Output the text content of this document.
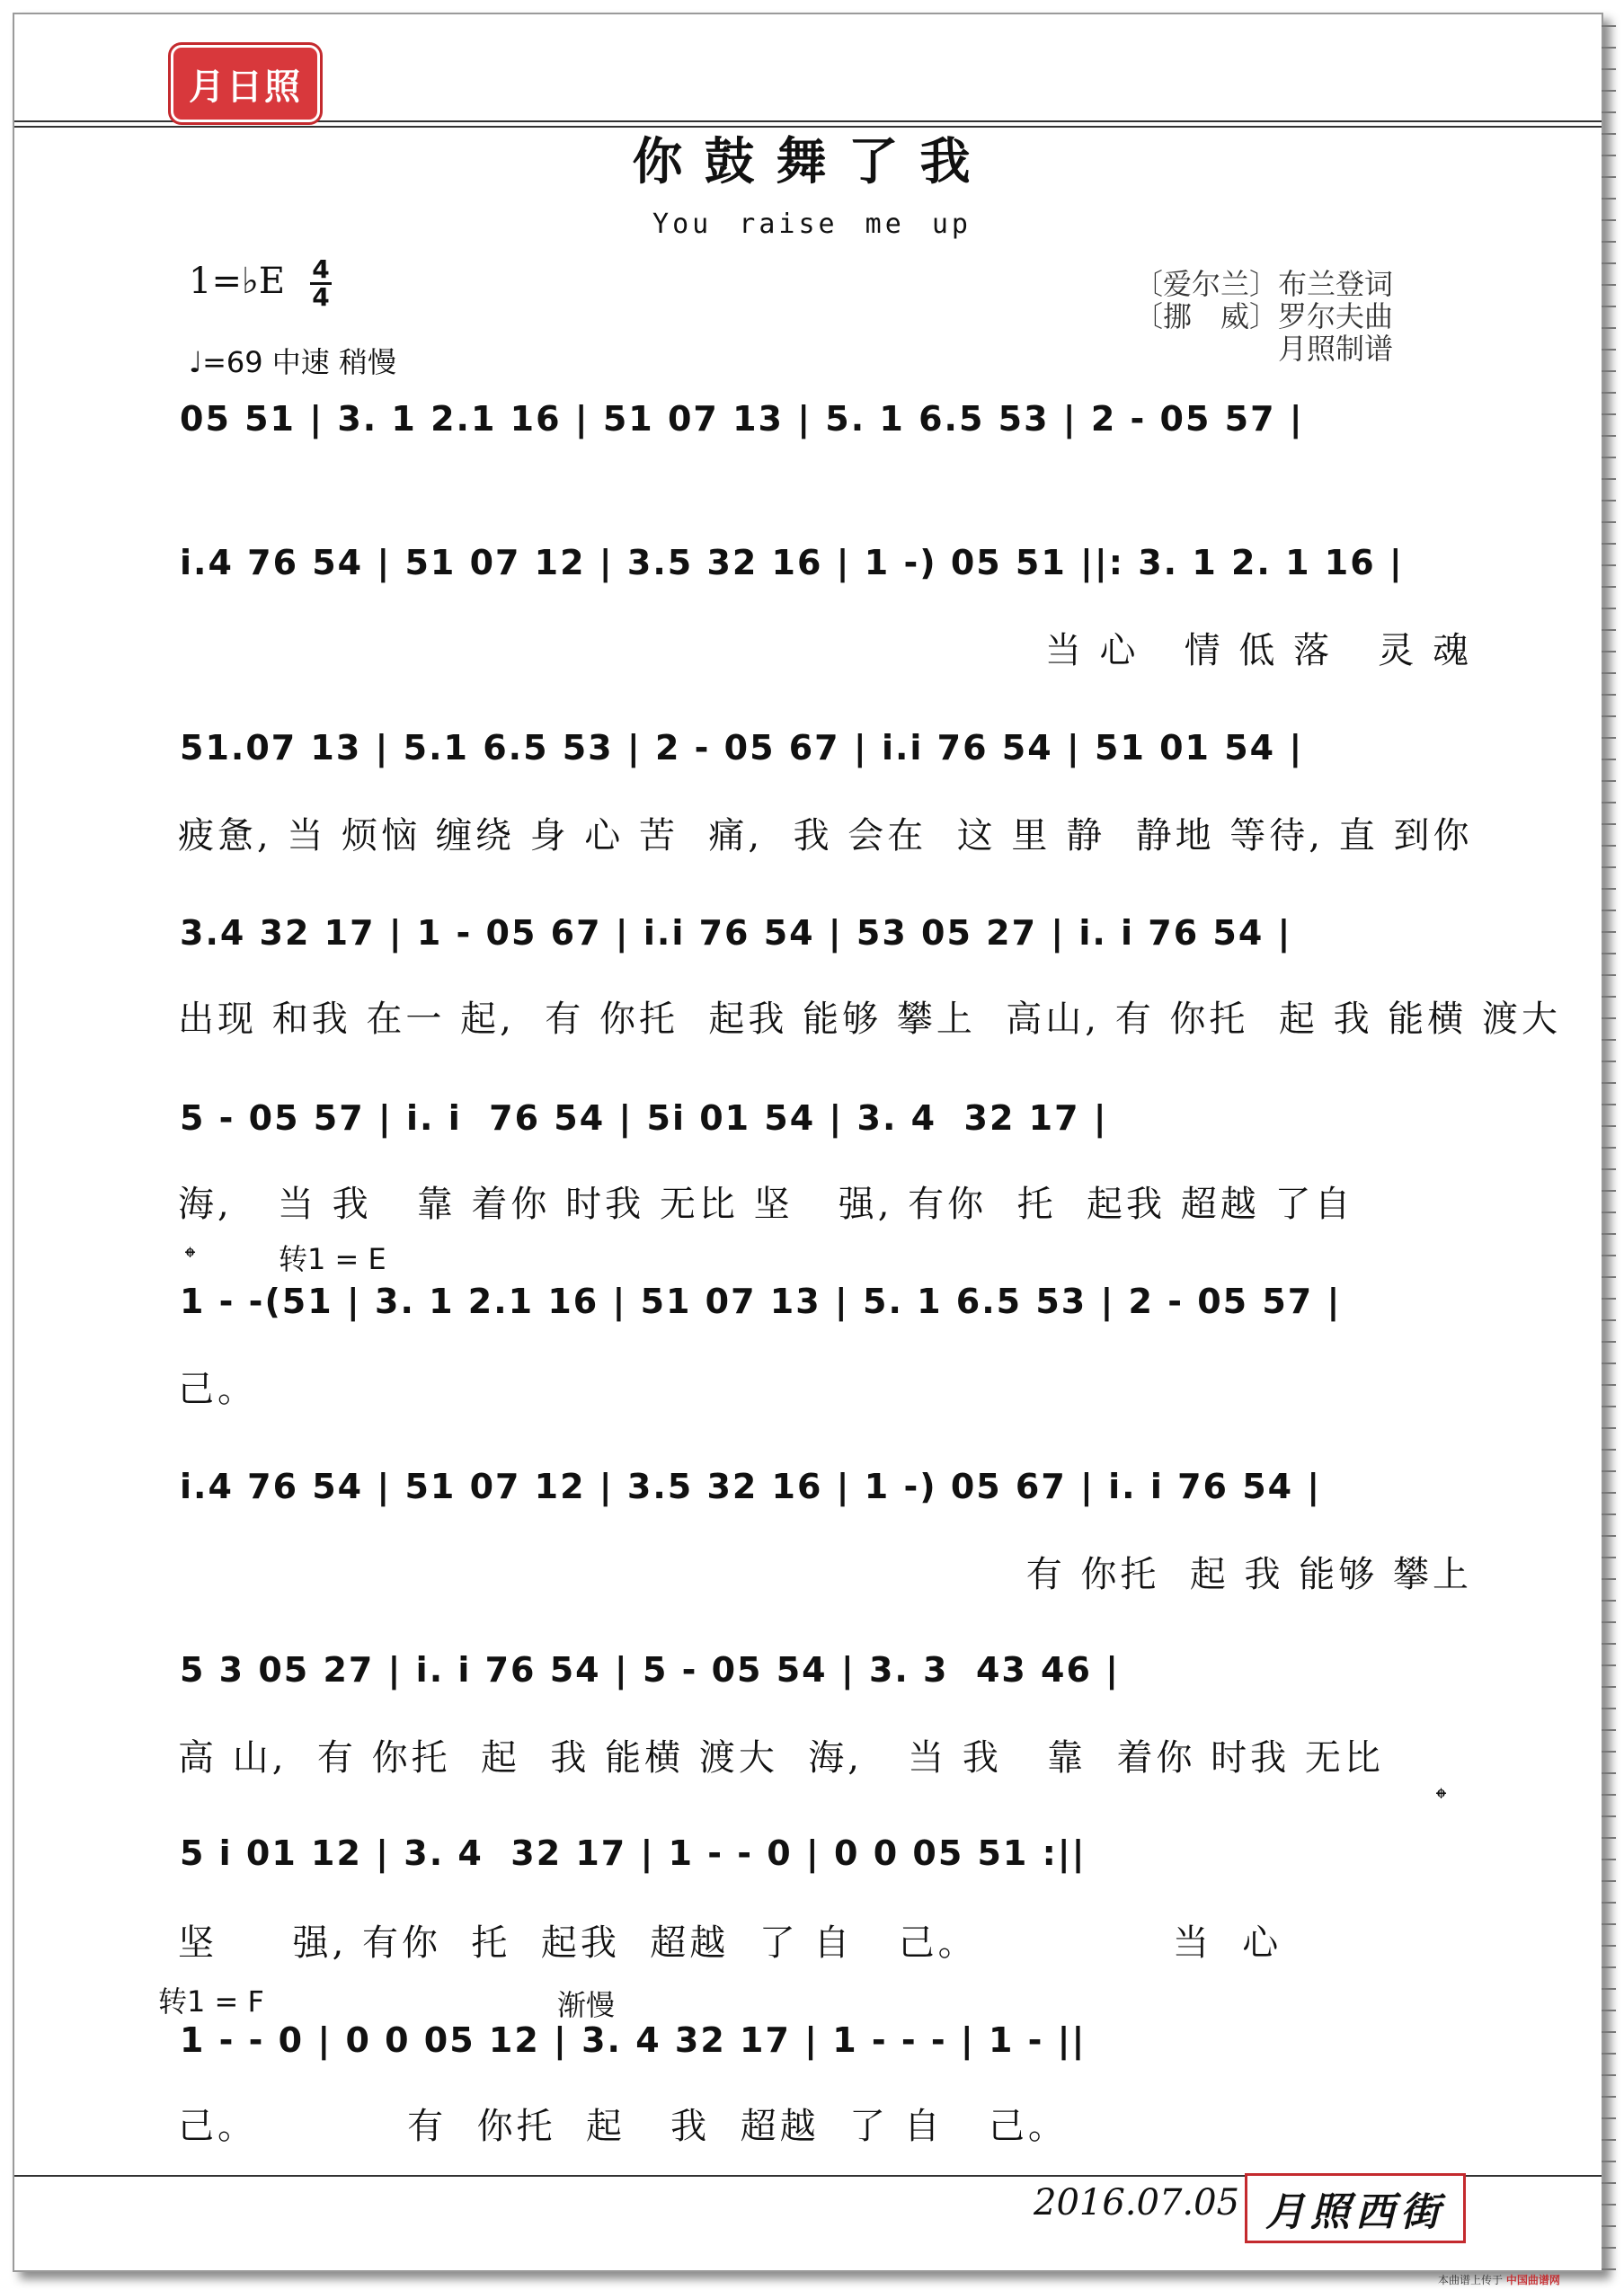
月日照
你鼓舞了我
You raise me up
1=♭E 4
4
♩=69 中速 稍慢
〔爱尔兰〕布兰登词
〔挪　威〕罗尔夫曲
月照制谱
05 51 | 3. 1 2.1 16 | 51 07 13 | 5. 1 6.5 53 | 2 - 05 57 |
i.4 76 54 | 51 07 12 | 3.5 32 16 | 1 -) 05 51 ||: 3. 1 2. 1 16 |
当 心   情 低 落   灵 魂
51.07 13 | 5.1 6.5 53 | 2 - 05 67 | i.i 76 54 | 51 01 54 |
疲惫, 当 烦恼 缠绕 身 心 苦  痛,  我 会在  这 里 静  静地 等待, 直 到你
3.4 32 17 | 1 - 05 67 | i.i 76 54 | 53 05 27 | i. i 76 54 |
出现 和我 在一 起,  有 你托  起我 能够 攀上  高山, 有 你托  起 我 能横 渡大
5 - 05 57 | i. i  76 54 | 5i 01 54 | 3. 4  32 17 |
海,   当 我   靠 着你 时我 无比 坚   强, 有你  托  起我 超越 了自
𝄌	转1 = E
1 - -(51 | 3. 1 2.1 16 | 51 07 13 | 5. 1 6.5 53 | 2 - 05 57 |
己。
i.4 76 54 | 51 07 12 | 3.5 32 16 | 1 -) 05 67 | i. i 76 54 |
有 你托  起 我 能够 攀上
5 3 05 27 | i. i 76 54 | 5 - 05 54 | 3. 3  43 46 |
高 山,  有 你托  起  我 能横 渡大  海,   当 我   靠  着你 时我 无比
𝄌
5 i 01 12 | 3. 4  32 17 | 1 - - 0 | 0 0 05 51 :||
坚     强, 有你  托  起我  超越  了 自   己。             当  心
转1 = F	渐慢
1 - - 0 | 0 0 05 12 | 3. 4 32 17 | 1 - - - | 1 - ||
己。          有  你托  起   我  超越  了 自   己。
2016.07.05 月照西街
本曲谱上传于 中国曲谱网
